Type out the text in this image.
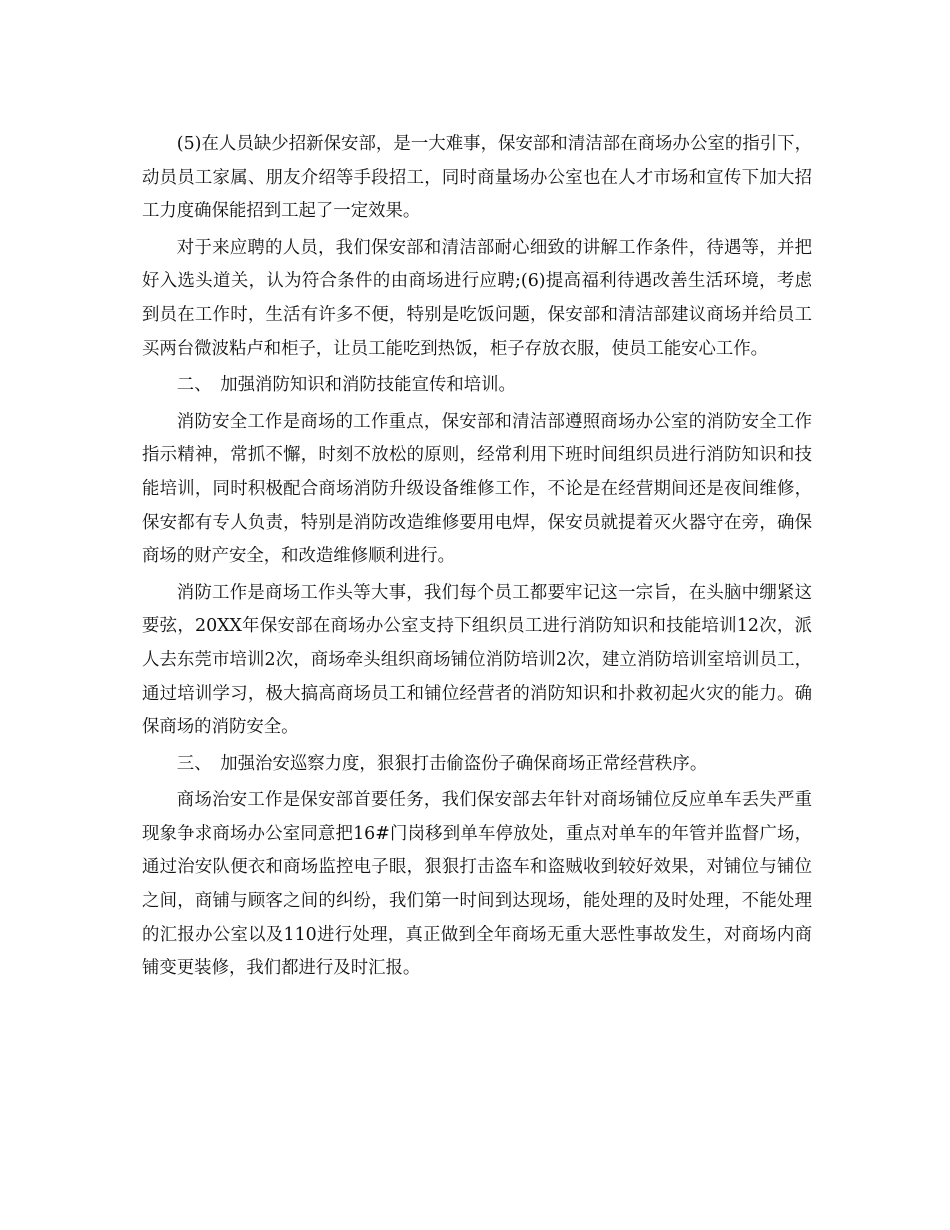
(5)在人员缺少招新保安部，是一大难事，保安部和清洁部在商场办公室的指引下，动员员工家属、朋友介绍等手段招工，同时商量场办公室也在人才市场和宣传下加大招工力度确保能招到工起了一定效果。

对于来应聘的人员，我们保安部和清洁部耐心细致的讲解工作条件，待遇等，并把好入选头道关，认为符合条件的由商场进行应聘;(6)提高福利待遇改善生活环境，考虑到员在工作时，生活有许多不便，特别是吃饭问题，保安部和清洁部建议商场并给员工买两台微波粘卢和柜子，让员工能吃到热饭，柜子存放衣服，使员工能安心工作。

二、　加强消防知识和消防技能宣传和培训。

消防安全工作是商场的工作重点，保安部和清洁部遵照商场办公室的消防安全工作指示精神，常抓不懈，时刻不放松的原则，经常利用下班时间组织员进行消防知识和技能培训，同时积极配合商场消防升级设备维修工作，不论是在经营期间还是夜间维修，保安都有专人负责，特别是消防改造维修要用电焊，保安员就提着灭火器守在旁，确保商场的财产安全，和改造维修顺利进行。

消防工作是商场工作头等大事，我们每个员工都要牢记这一宗旨，在头脑中绷紧这要弦，20XX年保安部在商场办公室支持下组织员工进行消防知识和技能培训12次，派人去东莞市培训2次，商场牵头组织商场铺位消防培训2次，建立消防培训室培训员工，通过培训学习，极大搞高商场员工和铺位经营者的消防知识和扑救初起火灾的能力。确保商场的消防安全。

三、　加强治安巡察力度，狠狠打击偷盗份子确保商场正常经营秩序。

商场治安工作是保安部首要任务，我们保安部去年针对商场铺位反应单车丢失严重现象争求商场办公室同意把16#门岗移到单车停放处，重点对单车的年管并监督广场，通过治安队便衣和商场监控电子眼，狠狠打击盗车和盗贼收到较好效果，对铺位与铺位之间，商铺与顾客之间的纠纷，我们第一时间到达现场，能处理的及时处理，不能处理的汇报办公室以及110进行处理，真正做到全年商场无重大恶性事故发生，对商场内商铺变更装修，我们都进行及时汇报。
